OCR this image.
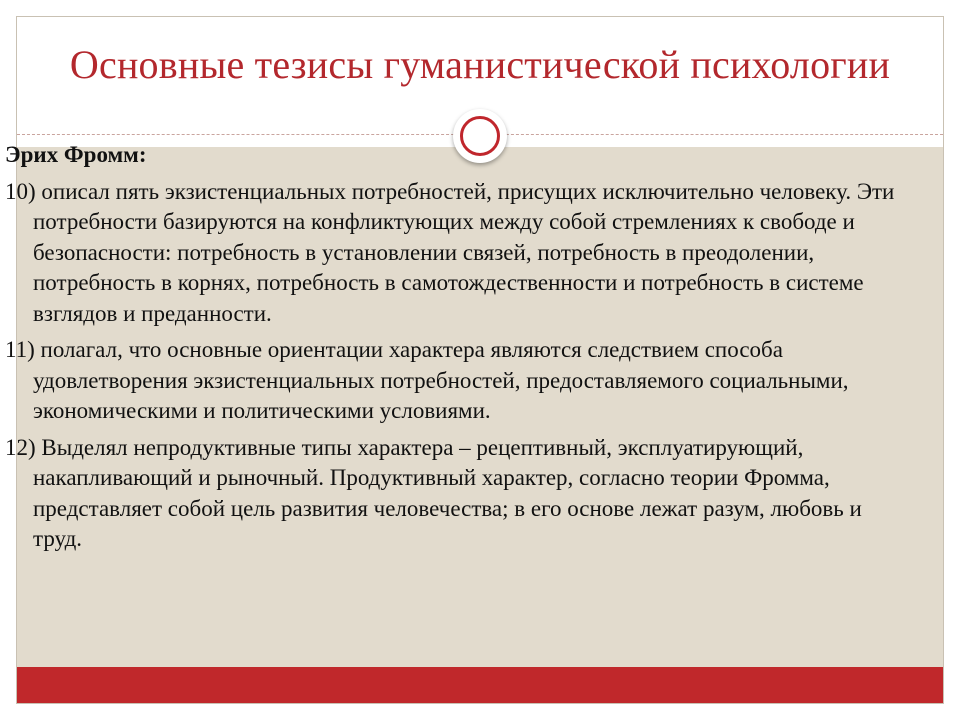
Основные тезисы гуманистической психологии
Эрих Фромм:
10) описал пять экзистенциальных потребностей, присущих исключительно человеку. Эти потребности базируются на конфликтующих между собой стремлениях к свободе и безопасности: потребность в установлении связей, потребность в преодолении, потребность в корнях, потребность в самотождественности и потребность в системе взглядов и преданности.
11) полагал, что основные ориентации характера являются следствием способа удовлетворения экзистенциальных потребностей, предоставляемого социальными, экономическими и политическими условиями.
12) Выделял непродуктивные типы характера – рецептивный, эксплуатирующий, накапливающий и рыночный. Продуктивный характер, согласно теории Фромма, представляет собой цель развития человечества; в его основе лежат разум, любовь и труд.
